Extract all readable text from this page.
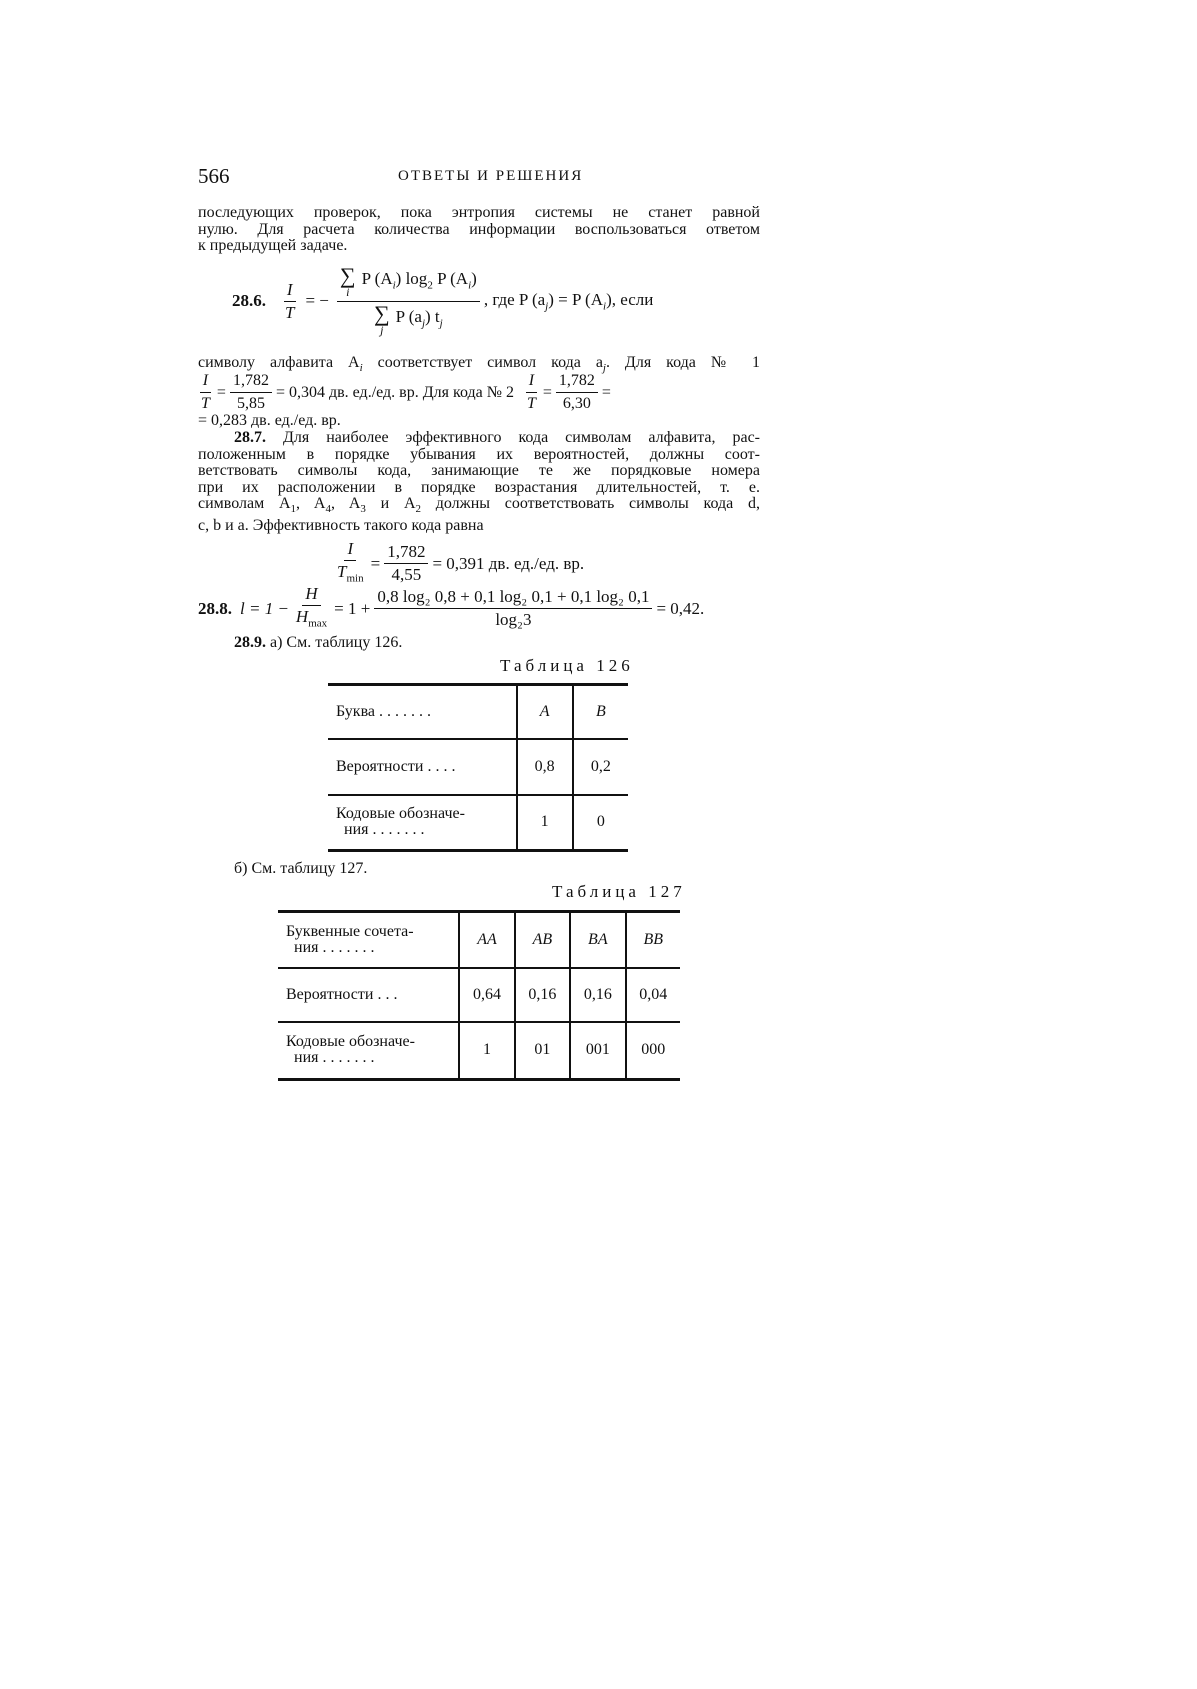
566	ОТВЕТЫ И РЕШЕНИЯ
последующих проверок, пока энтропия системы не станет равной
нулю. Для расчета количества информации воспользоваться ответом
к предыдущей задаче.
28.6. $\frac{I}{T}$ = − ∑
i
P $(A_i)$ $\log_2 P$ $(A_i)$
∑
j
P $(a_j)$ $t_j$ , где P $(a_j) = P$ $(A_i)$, если
символу алфавита $A_i$ соответствует символ кода $a_j$. Для кода № 1
$\frac{I}{T} = \frac{1,782}{5,85} = 0,304$ дв. ед./ед. вр. Для кода № $2 \frac{I}{T} = \frac{1,782}{6,30}$ =
= 0,283 дв. ед./ед. вр.
28.7. Для наиболее эффективного кода символам алфавита, рас-
положенным в порядке убывания их вероятностей, должны соот-
ветствовать символы кода, занимающие те же порядковые номера
при их расположении в порядке возрастания длительностей, т. е.
символам $A_1$, $A_4$, $A_3$ и $A_2$ должны соответствовать символы кода d,
c, b и a. Эффективность такого кода равна
$\frac{I}{T_{min}} = \frac{1,782}{4,55} = 0,391$ дв. ед./ед. вр.
28.8. $l = 1 - \frac{H}{H_{max}} = 1 + \frac{\text{0,8 log₂ 0,8 + 0,1 log₂ 0,1 + 0,1 log₂ 0,1}}{\text{log₂3}} = 0,42$.
28.9. а) См. таблицу 126.
Таблица 126
Буква . . . . . . .	A	B
Вероятности . . . .	0,8	0,2

Кодовые обозначе-
ния . . . . . . .	1	0
б) См. таблицу 127.
Таблица 127
Буквенные сочета-
ния . . . . . . .	AA	AB	BA	BB
Вероятности . . .	0,64	0,16	0,16	0,04

Кодовые обозначе-
ния . . . . . . .	1	01	001	000
